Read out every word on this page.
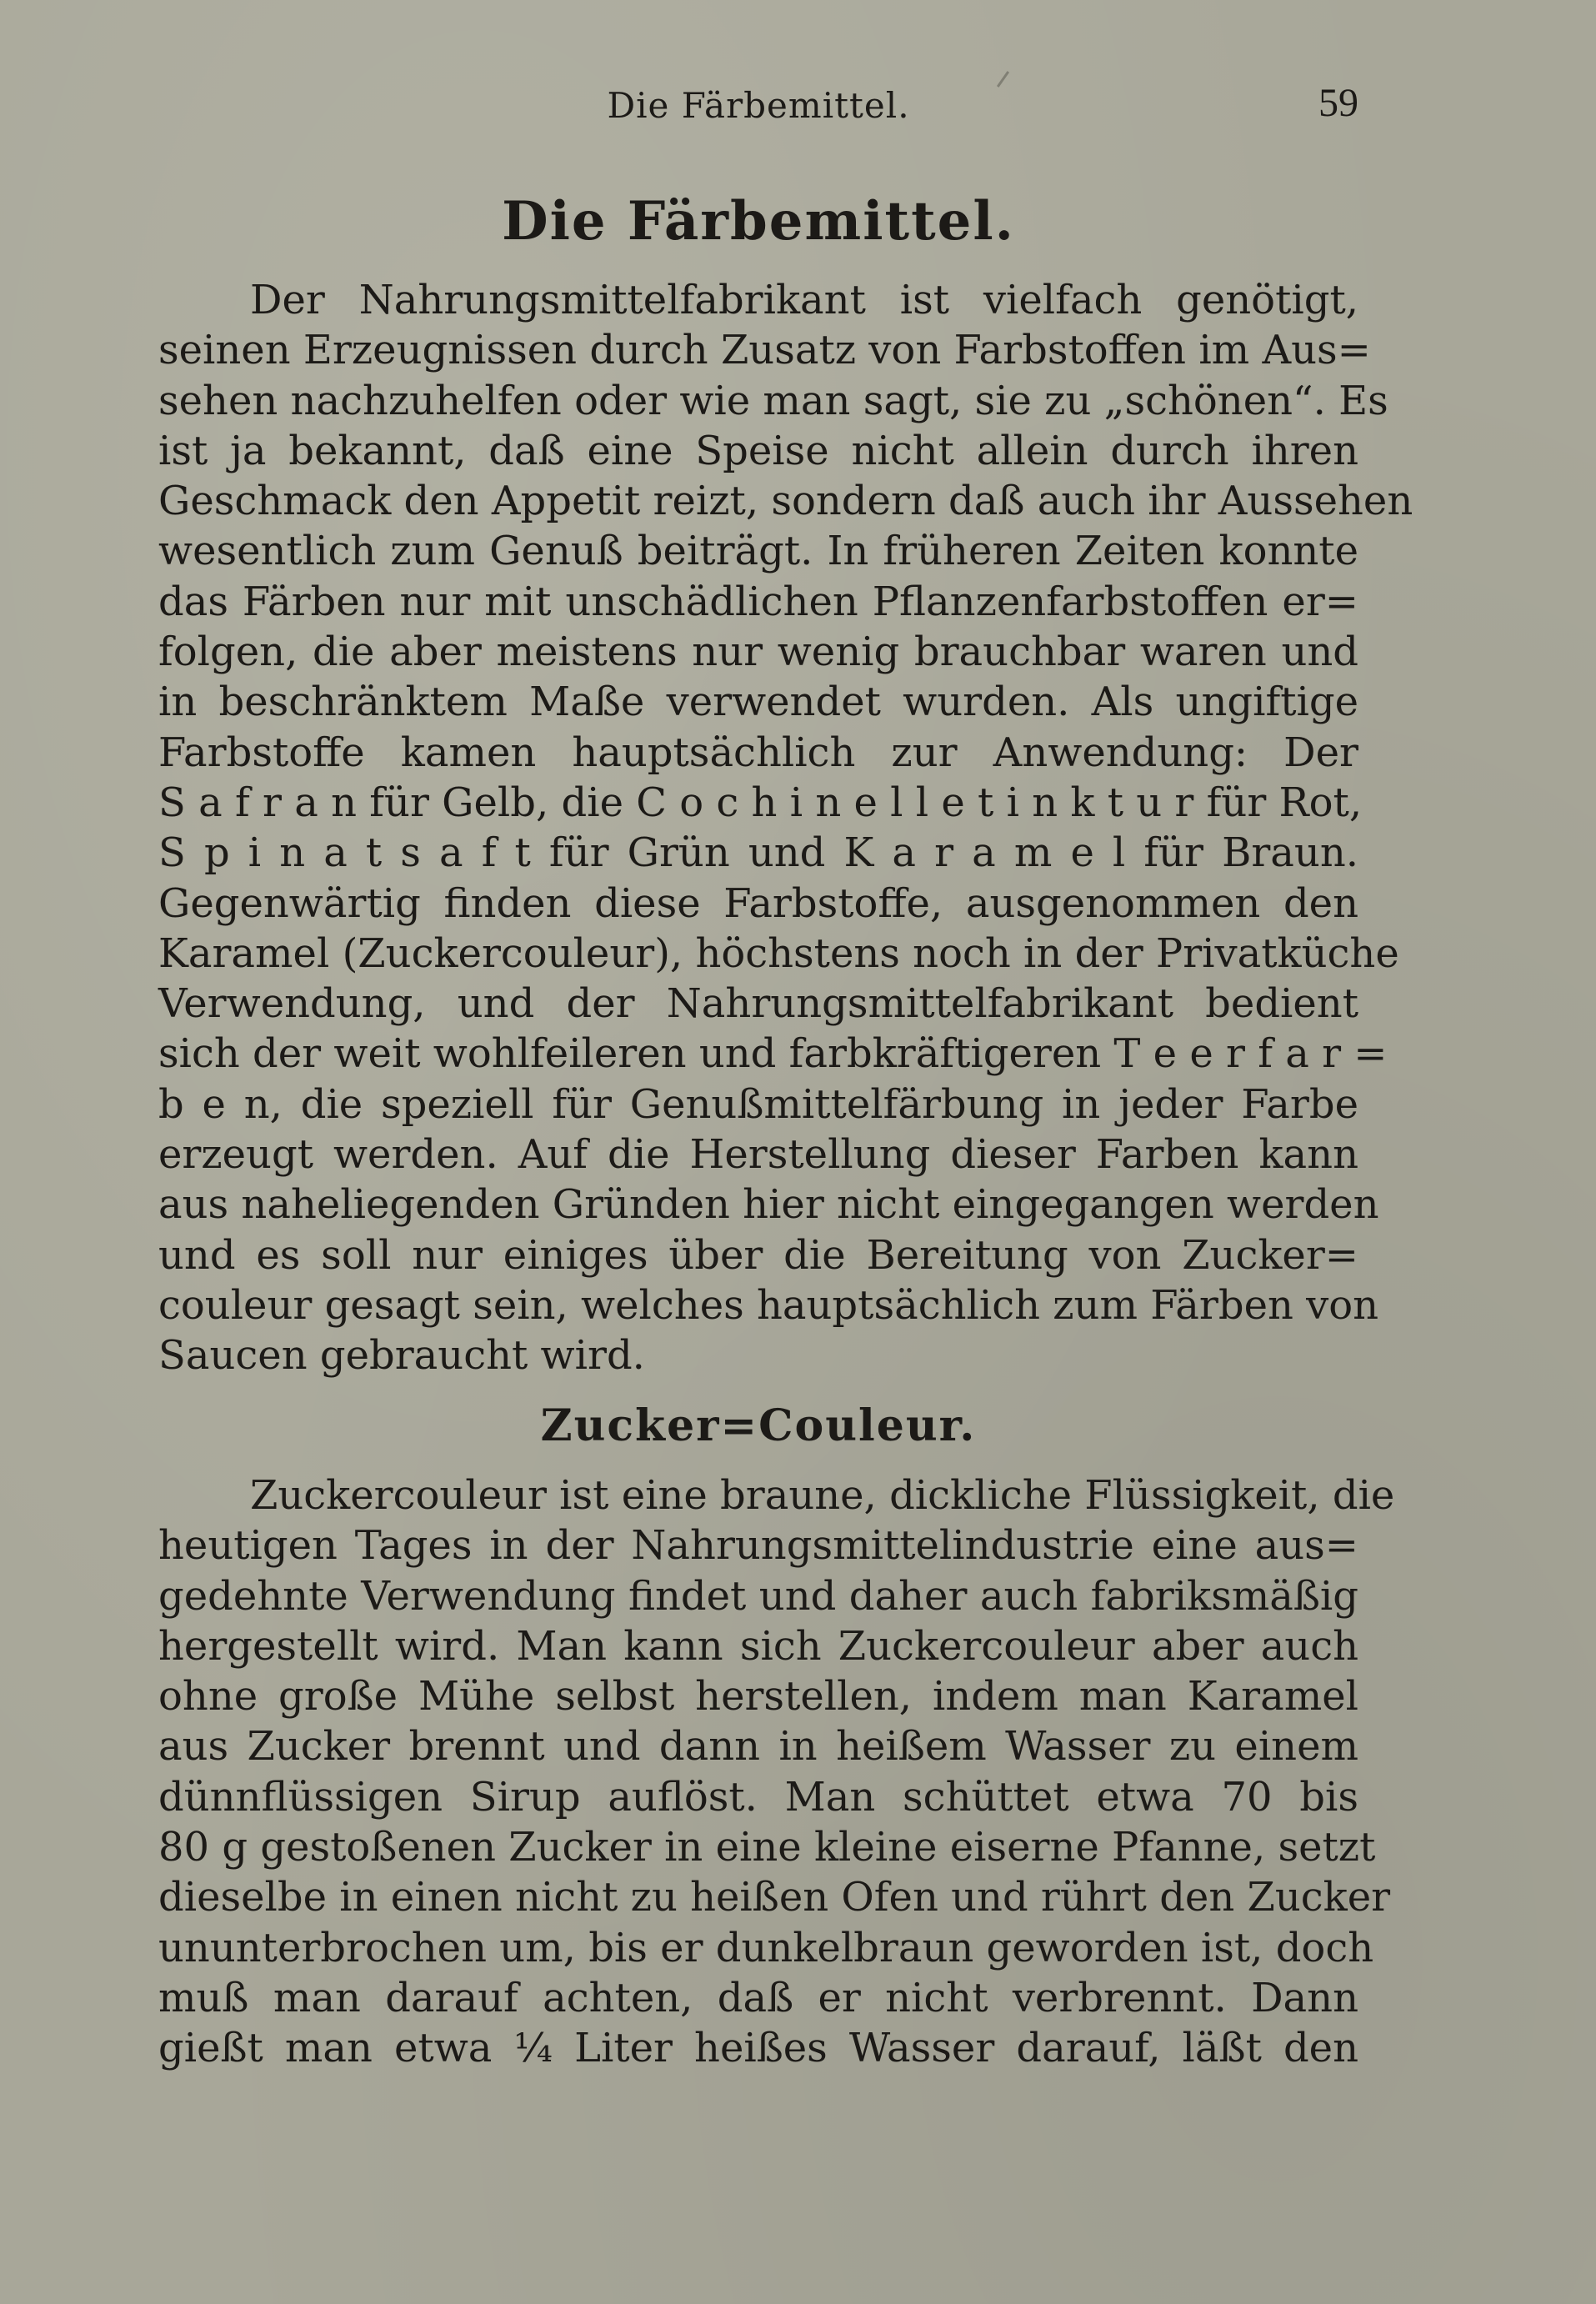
Die Färbemittel.	59
Die Färbemittel.
Der Nahrungsmittelfabrikant ist vielfach genötigt,
seinen Erzeugnissen durch Zusatz von Farbstoffen im Aus=
sehen nachzuhelfen oder wie man sagt, sie zu „schönen“. Es
ist ja bekannt, daß eine Speise nicht allein durch ihren
Geschmack den Appetit reizt, sondern daß auch ihr Aussehen
wesentlich zum Genuß beiträgt. In früheren Zeiten konnte
das Färben nur mit unschädlichen Pflanzenfarbstoffen er=
folgen, die aber meistens nur wenig brauchbar waren und
in beschränktem Maße verwendet wurden. Als ungiftige
Farbstoffe kamen hauptsächlich zur Anwendung: Der
S a f r a n für Gelb, die C o c h i n e l l e t i n k t u r für Rot,
S p i n a t s a f t für Grün und K a r a m e l für Braun.
Gegenwärtig finden diese Farbstoffe, ausgenommen den
Karamel (Zuckercouleur), höchstens noch in der Privatküche
Verwendung, und der Nahrungsmittelfabrikant bedient
sich der weit wohlfeileren und farbkräftigeren T e e r f a r =
b e n, die speziell für Genußmittelfärbung in jeder Farbe
erzeugt werden. Auf die Herstellung dieser Farben kann
aus naheliegenden Gründen hier nicht eingegangen werden
und es soll nur einiges über die Bereitung von Zucker=
couleur gesagt sein, welches hauptsächlich zum Färben von
Saucen gebraucht wird.
Zucker=Couleur.
Zuckercouleur ist eine braune, dickliche Flüssigkeit, die
heutigen Tages in der Nahrungsmittelindustrie eine aus=
gedehnte Verwendung findet und daher auch fabriksmäßig
hergestellt wird. Man kann sich Zuckercouleur aber auch
ohne große Mühe selbst herstellen, indem man Karamel
aus Zucker brennt und dann in heißem Wasser zu einem
dünnflüssigen Sirup auflöst. Man schüttet etwa 70 bis
80 g gestoßenen Zucker in eine kleine eiserne Pfanne, setzt
dieselbe in einen nicht zu heißen Ofen und rührt den Zucker
ununterbrochen um, bis er dunkelbraun geworden ist, doch
muß man darauf achten, daß er nicht verbrennt. Dann
gießt man etwa ¼ Liter heißes Wasser darauf, läßt den
